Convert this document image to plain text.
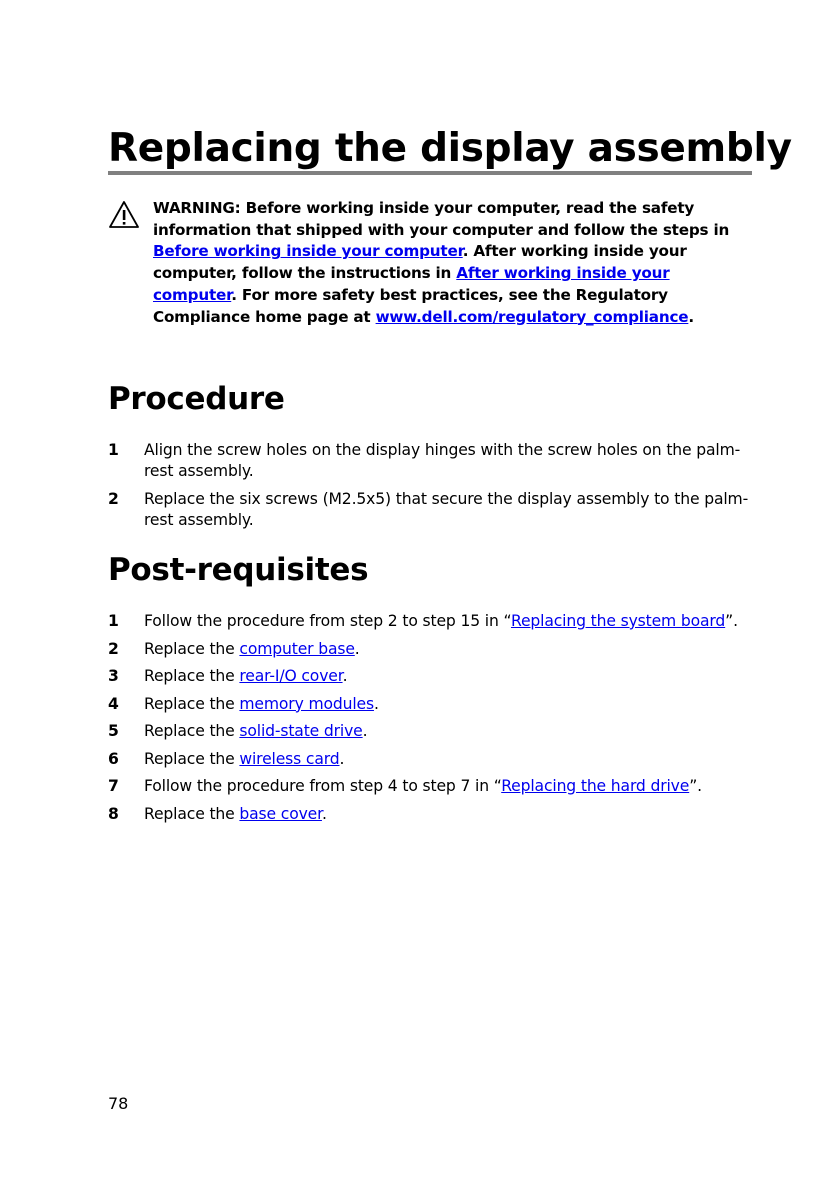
Replacing the display assembly
WARNING: Before working inside your computer, read the safety information that shipped with your computer and follow the steps in Before working inside your computer. After working inside your computer, follow the instructions in After working inside your computer. For more safety best practices, see the Regulatory Compliance home page at www.dell.com/regulatory_compliance.
Procedure
1 Align the screw holes on the display hinges with the screw holes on the palm-rest assembly.
2 Replace the six screws (M2.5x5) that secure the display assembly to the palm-rest assembly.
Post-requisites
1 Follow the procedure from step 2 to step 15 in “Replacing the system board”.
2 Replace the computer base.
3 Replace the rear-I/O cover.
4 Replace the memory modules.
5 Replace the solid-state drive.
6 Replace the wireless card.
7 Follow the procedure from step 4 to step 7 in “Replacing the hard drive”.
8 Replace the base cover.
78
